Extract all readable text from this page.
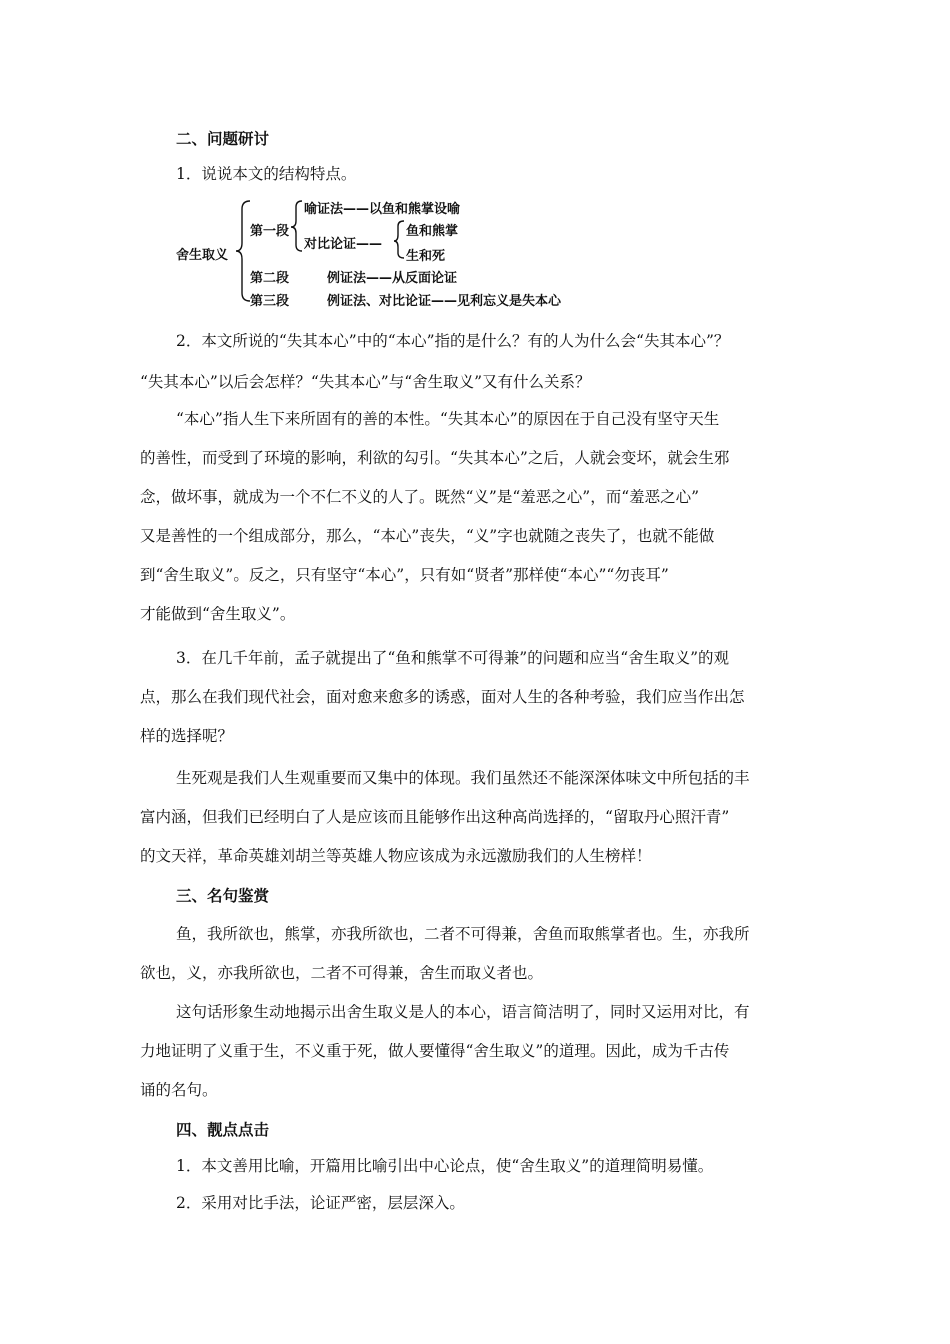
二、问题研讨
1．说说本文的结构特点。
舍生取义
第一段
喻证法——以鱼和熊掌设喻
对比论证——
鱼和熊掌
生和死
第二段	例证法——从反面论证
第三段	例证法、对比论证——见利忘义是失本心
2．本文所说的“失其本心”中的“本心”指的是什么？有的人为什么会“失其本心”？
“失其本心”以后会怎样？“失其本心”与“舍生取义”又有什么关系？
“本心”指人生下来所固有的善的本性。“失其本心”的原因在于自己没有坚守天生
的善性，而受到了环境的影响，利欲的勾引。“失其本心”之后，人就会变坏，就会生邪
念，做坏事，就成为一个不仁不义的人了。既然“义”是“羞恶之心”，而“羞恶之心”
又是善性的一个组成部分，那么，“本心”丧失，“义”字也就随之丧失了，也就不能做
到“舍生取义”。反之，只有坚守“本心”，只有如“贤者”那样使“本心”“勿丧耳”
才能做到“舍生取义”。
3．在几千年前，孟子就提出了“鱼和熊掌不可得兼”的问题和应当“舍生取义”的观
点，那么在我们现代社会，面对愈来愈多的诱惑，面对人生的各种考验，我们应当作出怎
样的选择呢？
生死观是我们人生观重要而又集中的体现。我们虽然还不能深深体味文中所包括的丰
富内涵，但我们已经明白了人是应该而且能够作出这种高尚选择的，“留取丹心照汗青”
的文天祥，革命英雄刘胡兰等英雄人物应该成为永远激励我们的人生榜样！
三、名句鉴赏
鱼，我所欲也，熊掌，亦我所欲也，二者不可得兼，舍鱼而取熊掌者也。生，亦我所
欲也，义，亦我所欲也，二者不可得兼，舍生而取义者也。
这句话形象生动地揭示出舍生取义是人的本心，语言简洁明了，同时又运用对比，有
力地证明了义重于生，不义重于死，做人要懂得“舍生取义”的道理。因此，成为千古传
诵的名句。
四、靓点点击
1．本文善用比喻，开篇用比喻引出中心论点，使“舍生取义”的道理简明易懂。
2．采用对比手法，论证严密，层层深入。
